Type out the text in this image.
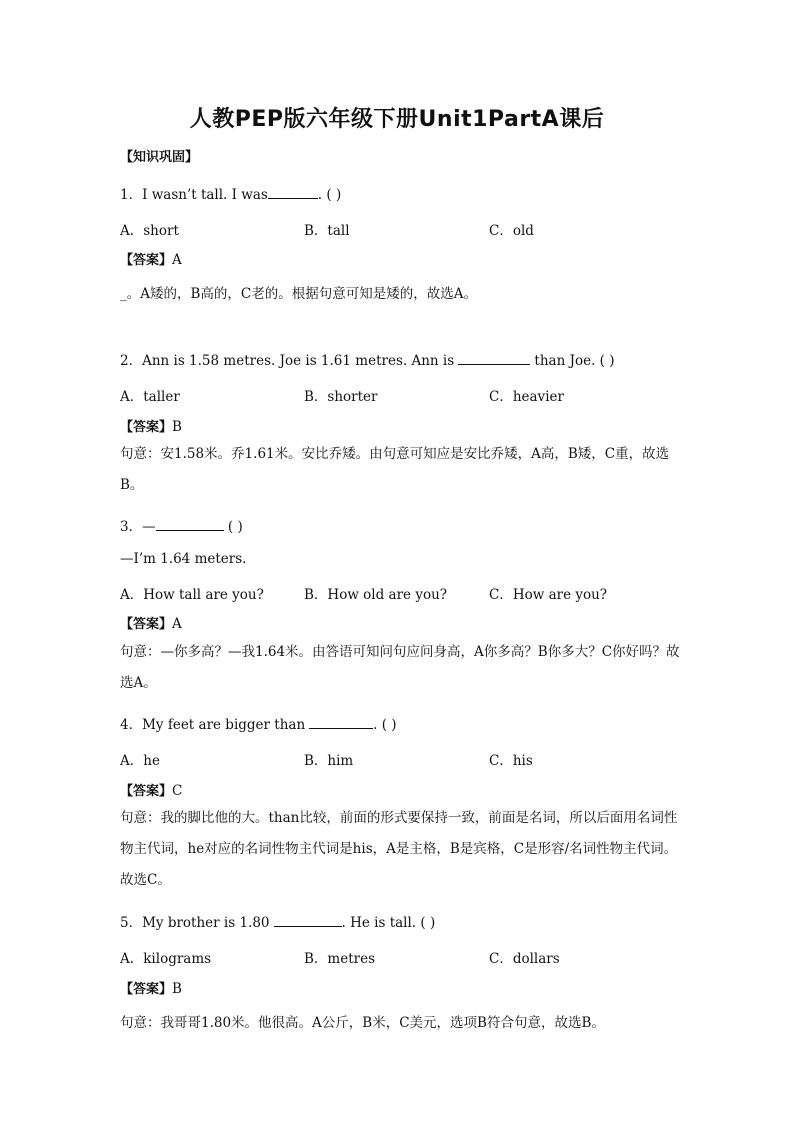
人教PEP版六年级下册Unit1PartA课后
【知识巩固】
1．I wasn’t tall. I was	. ( )
A．short	B．tall	C．old
【答案】A
_。A矮的，B高的，C老的。根据句意可知是矮的，故选A。
2．Ann is 1.58 metres. Joe is 1.61 metres. Ann is	than Joe. ( )
A．taller	B．shorter	C．heavier
【答案】B
句意：安1.58米。乔1.61米。安比乔矮。由句意可知应是安比乔矮，A高，B矮，C重，故选B。
3．—	( )
—I’m 1.64 meters.
A．How tall are you?	B．How old are you?	C．How are you?
【答案】A
句意：—你多高？—我1.64米。由答语可知问句应问身高，A你多高？B你多大？C你好吗？故选A。
4．My feet are bigger than	. ( )
A．he	B．him	C．his
【答案】C
句意：我的脚比他的大。than比较，前面的形式要保持一致，前面是名词，所以后面用名词性物主代词，he对应的名词性物主代词是his，A是主格，B是宾格，C是形容/名词性物主代词。故选C。
5．My brother is 1.80	. He is tall. ( )
A．kilograms	B．metres	C．dollars
【答案】B
句意：我哥哥1.80米。他很高。A公斤，B米，C美元，选项B符合句意，故选B。
